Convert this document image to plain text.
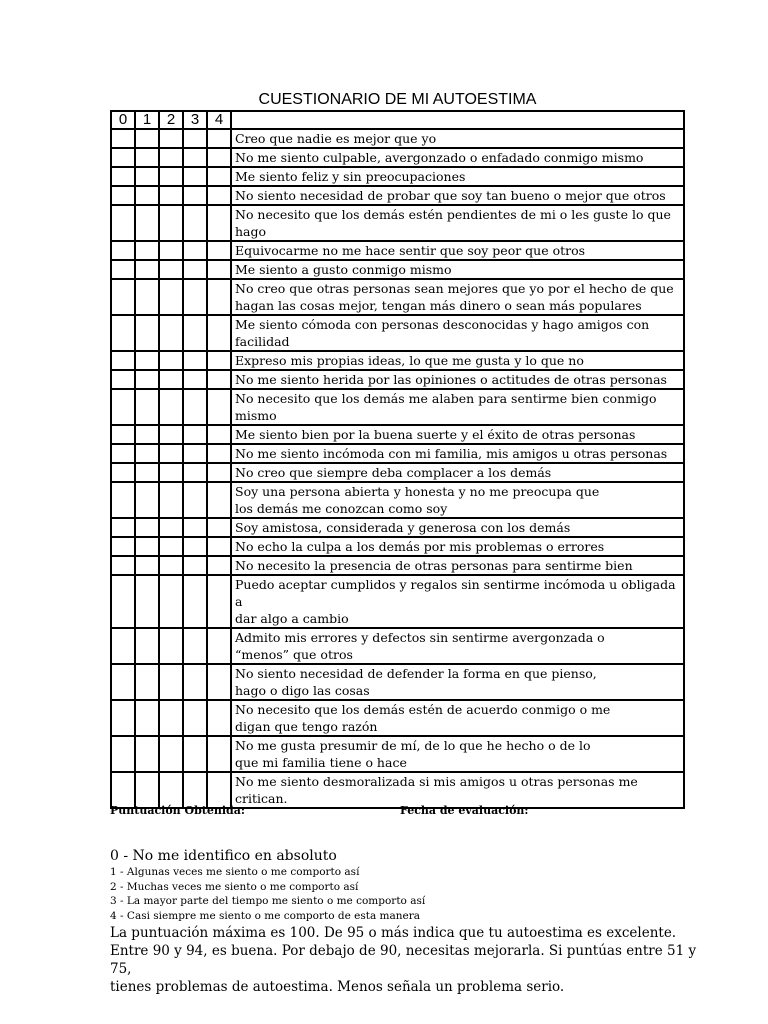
CUESTIONARIO DE MI AUTOESTIMA
0	1	2	3	4	

					Creo que nadie es mejor que yo

					No me siento culpable, avergonzado o enfadado conmigo mismo

					Me siento feliz y sin preocupaciones

					No siento necesidad de probar que soy tan bueno o mejor que otros

					No necesito que los demás estén pendientes de mi o les guste lo que
hago

					Equivocarme no me hace sentir que soy peor que otros

					Me siento a gusto conmigo mismo

					No creo que otras personas sean mejores que yo por el hecho de que
hagan las cosas mejor, tengan más dinero o sean más populares

					Me siento cómoda con personas desconocidas y hago amigos con
facilidad

					Expreso mis propias ideas, lo que me gusta y lo que no

					No me siento herida por las opiniones o actitudes de otras personas

					No necesito que los demás me alaben para sentirme bien conmigo
mismo

					Me siento bien por la buena suerte y el éxito de otras personas

					No me siento incómoda con mi familia, mis amigos u otras personas

					No creo que siempre deba complacer a los demás

					Soy una persona abierta y honesta y no me preocupa que
los demás me conozcan como soy

					Soy amistosa, considerada y generosa con los demás

					No echo la culpa a los demás por mis problemas o errores

					No necesito la presencia de otras personas para sentirme bien

					Puedo aceptar cumplidos y regalos sin sentirme incómoda u obligada a
dar algo a cambio

					Admito mis errores y defectos sin sentirme avergonzada o
“menos” que otros

					No siento necesidad de defender la forma en que pienso,
hago o digo las cosas

					No necesito que los demás estén de acuerdo conmigo o me
digan que tengo razón

					No me gusta presumir de mí, de lo que he hecho o de lo
que mi familia tiene o hace

					No me siento desmoralizada si mis amigos u otras personas me
critican.
Puntuación Obtenida:	Fecha de evaluación:
0 - No me identifico en absoluto
1 - Algunas veces me siento o me comporto así
2 - Muchas veces me siento o me comporto así
3 - La mayor parte del tiempo me siento o me comporto así
4 - Casi siempre me siento o me comporto de esta manera
La puntuación máxima es 100. De 95 o más indica que tu autoestima es excelente.
Entre 90 y 94, es buena. Por debajo de 90, necesitas mejorarla. Si puntúas entre 51 y 75,
tienes problemas de autoestima. Menos señala un problema serio.
